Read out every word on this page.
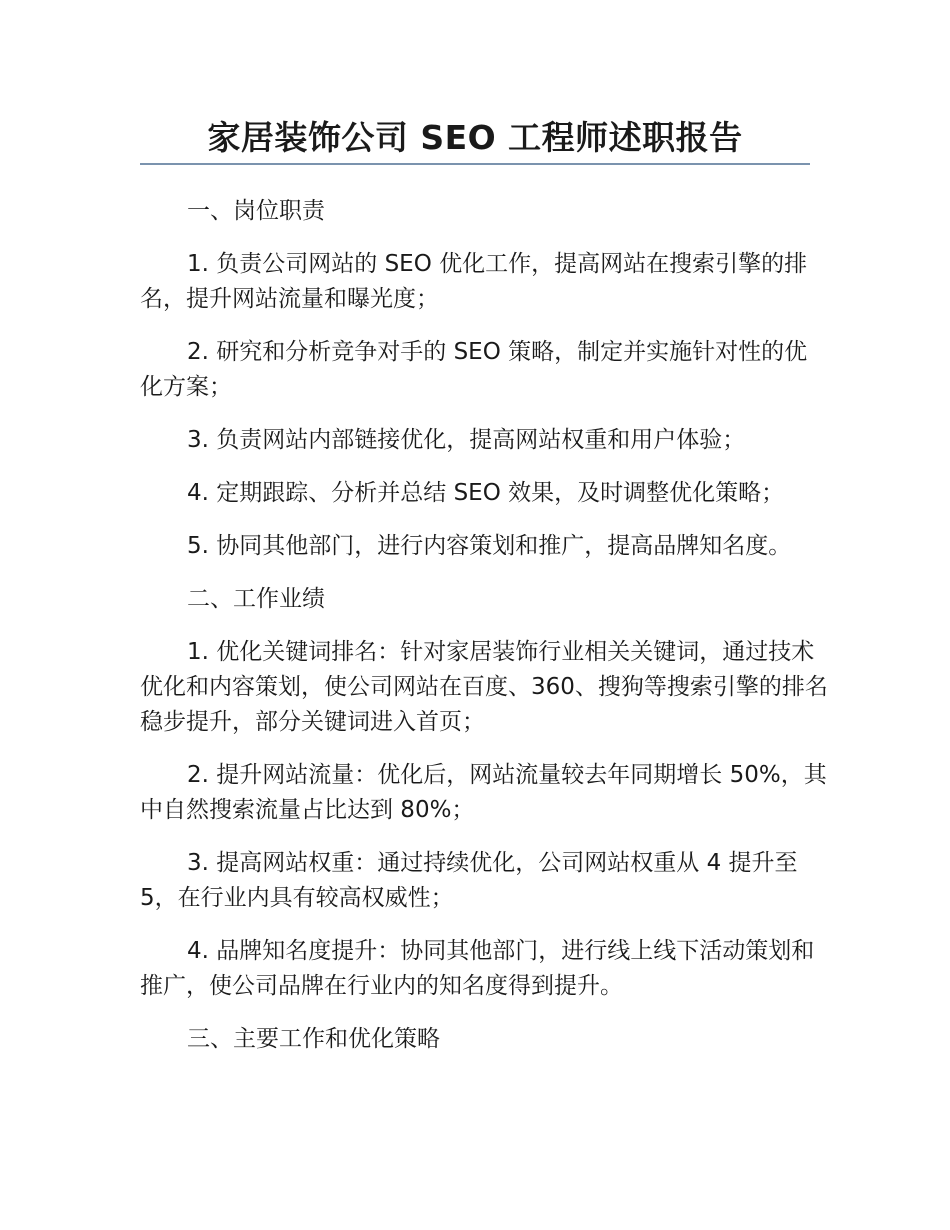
家居装饰公司 SEO 工程师述职报告

一、岗位职责

1. 负责公司网站的 SEO 优化工作，提高网站在搜索引擎的排名，提升网站流量和曝光度；

2. 研究和分析竞争对手的 SEO 策略，制定并实施针对性的优化方案；

3. 负责网站内部链接优化，提高网站权重和用户体验；

4. 定期跟踪、分析并总结 SEO 效果，及时调整优化策略；

5. 协同其他部门，进行内容策划和推广，提高品牌知名度。

二、工作业绩

1. 优化关键词排名：针对家居装饰行业相关关键词，通过技术优化和内容策划，使公司网站在百度、360、搜狗等搜索引擎的排名稳步提升，部分关键词进入首页；

2. 提升网站流量：优化后，网站流量较去年同期增长 50%，其中自然搜索流量占比达到 80%；

3. 提高网站权重：通过持续优化，公司网站权重从 4 提升至 5，在行业内具有较高权威性；

4. 品牌知名度提升：协同其他部门，进行线上线下活动策划和推广，使公司品牌在行业内的知名度得到提升。

三、主要工作和优化策略
